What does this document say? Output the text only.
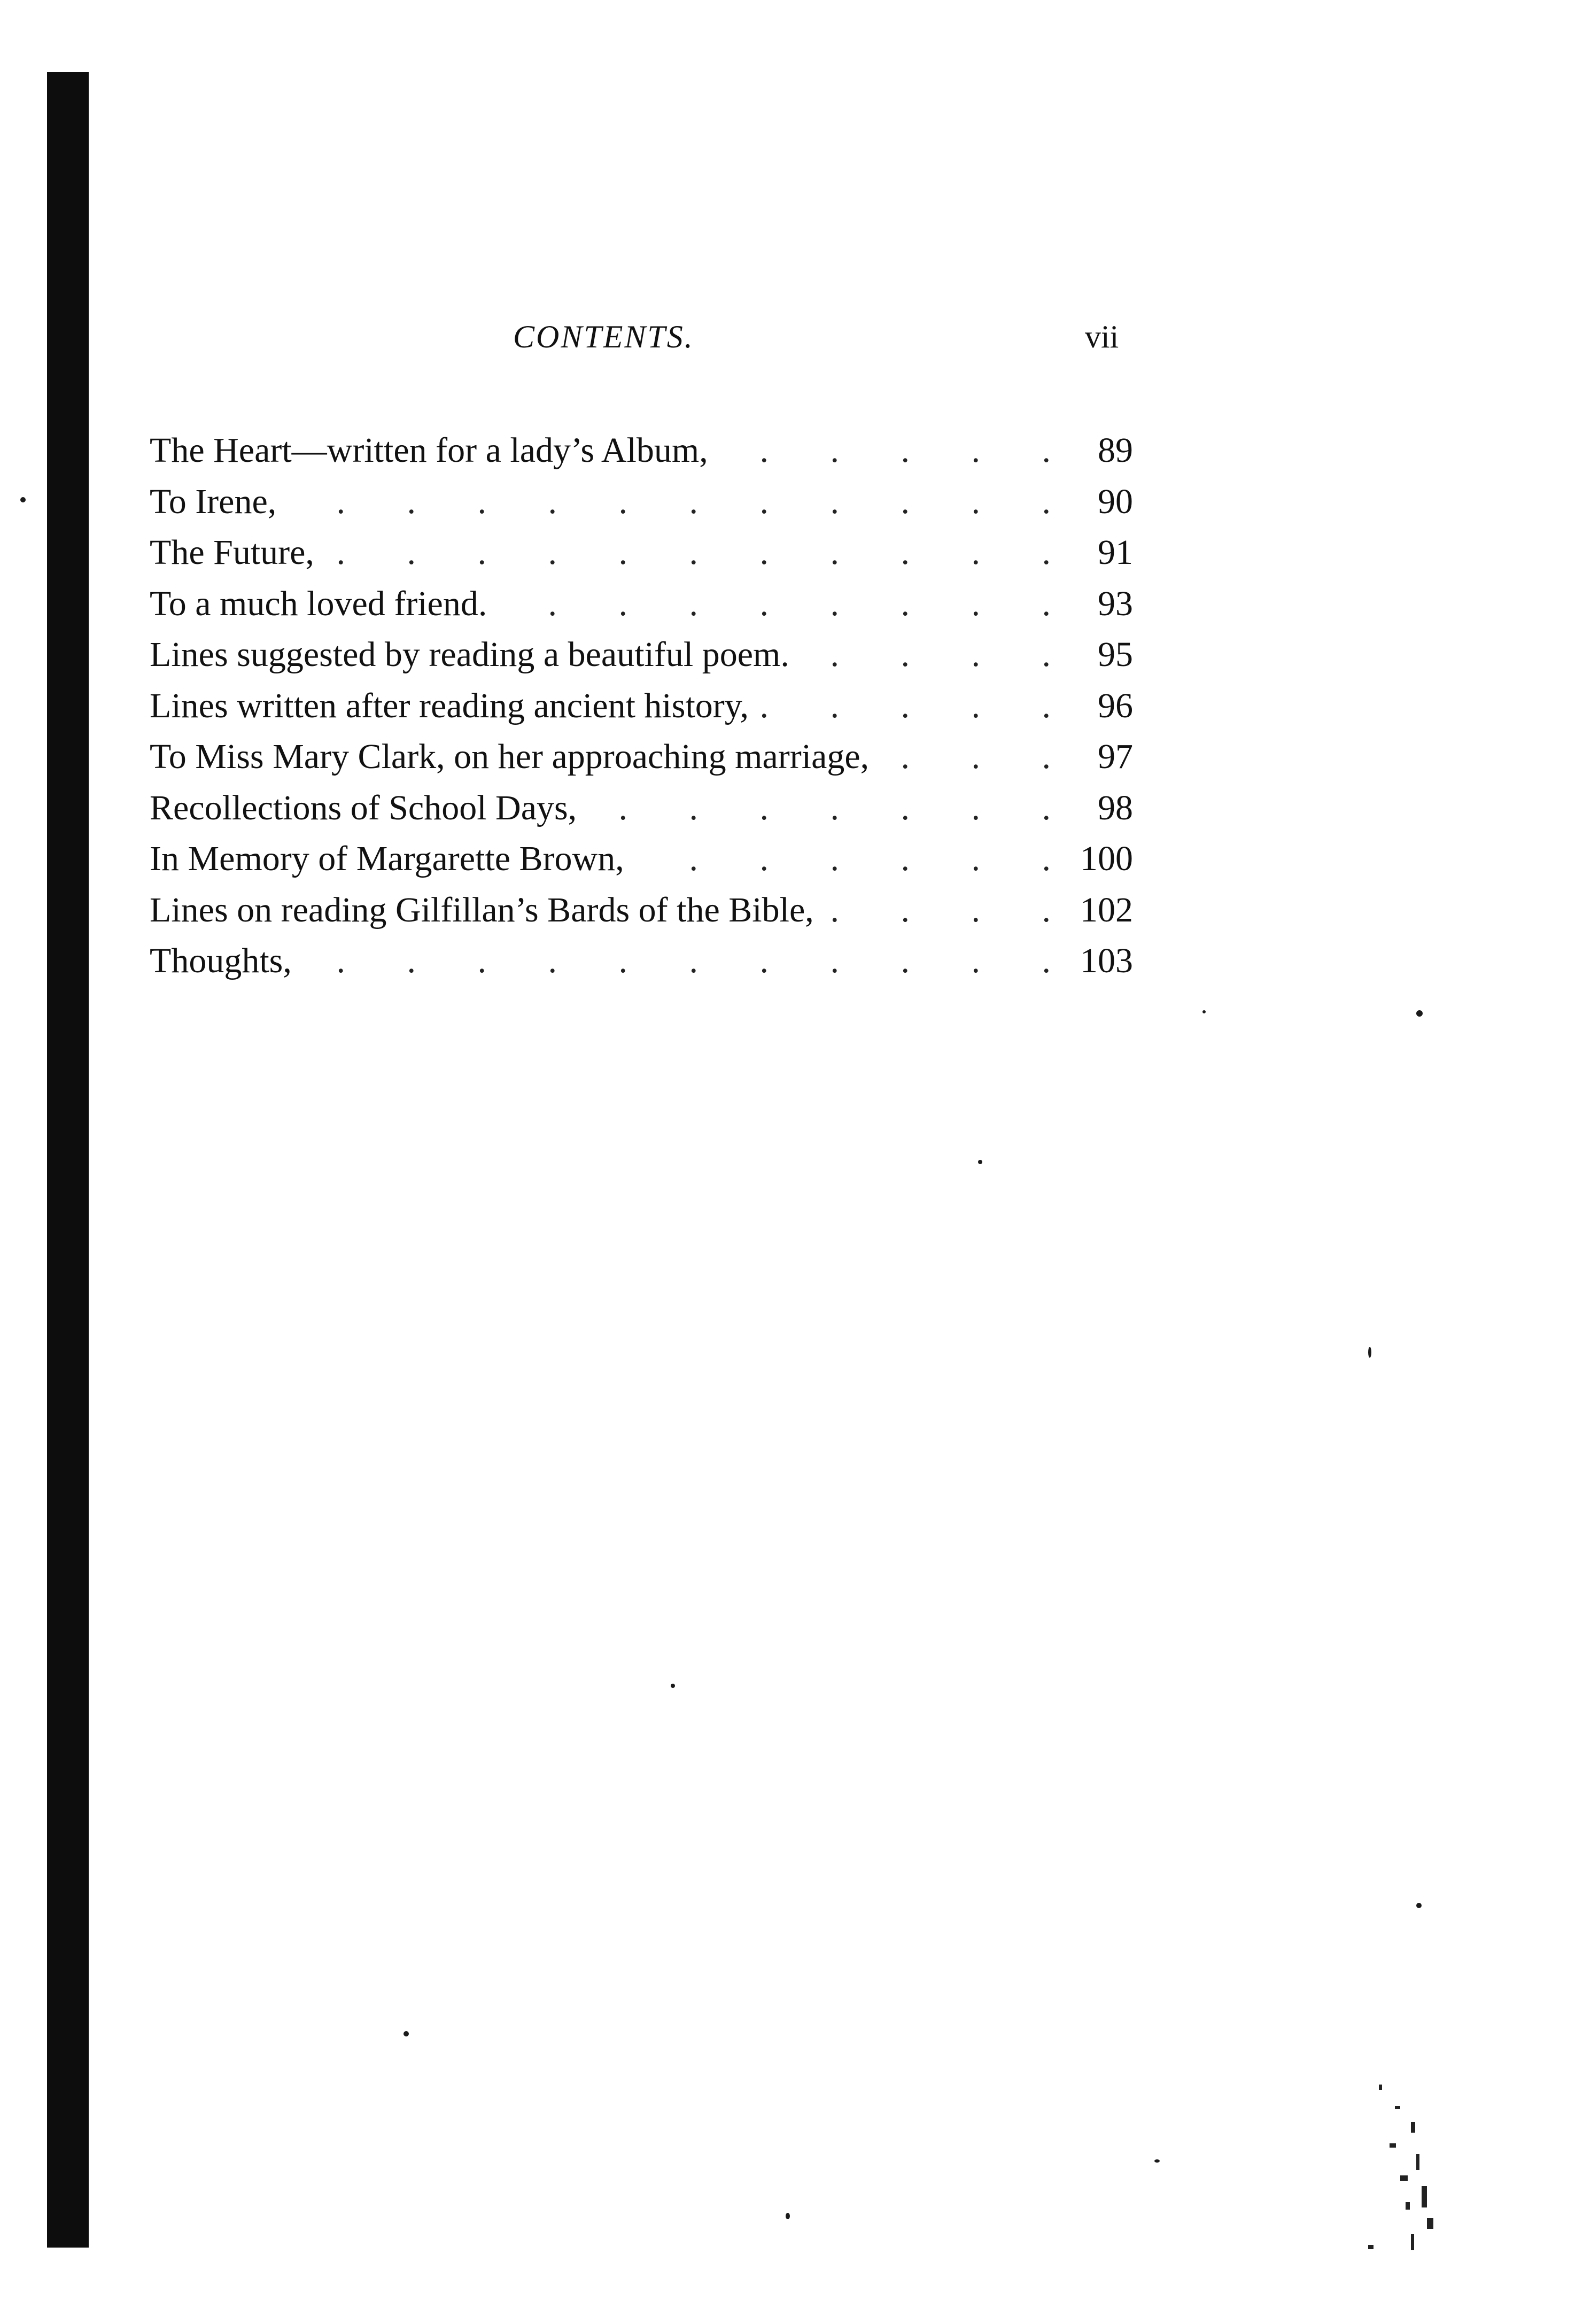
CONTENTS.	vii
The Heart—written for a lady’s Album, .	89
To Irene, .	90
The Future, .	91
To a much loved friend. .	93
Lines suggested by reading a beautiful poem. .	95
Lines written after reading ancient history, .	96
To Miss Mary Clark, on her approaching marriage, .	97
Recollections of School Days, .	98
In Memory of Margarette Brown, .	100
Lines on reading Gilfillan’s Bards of the Bible, .	102
Thoughts, .	103
